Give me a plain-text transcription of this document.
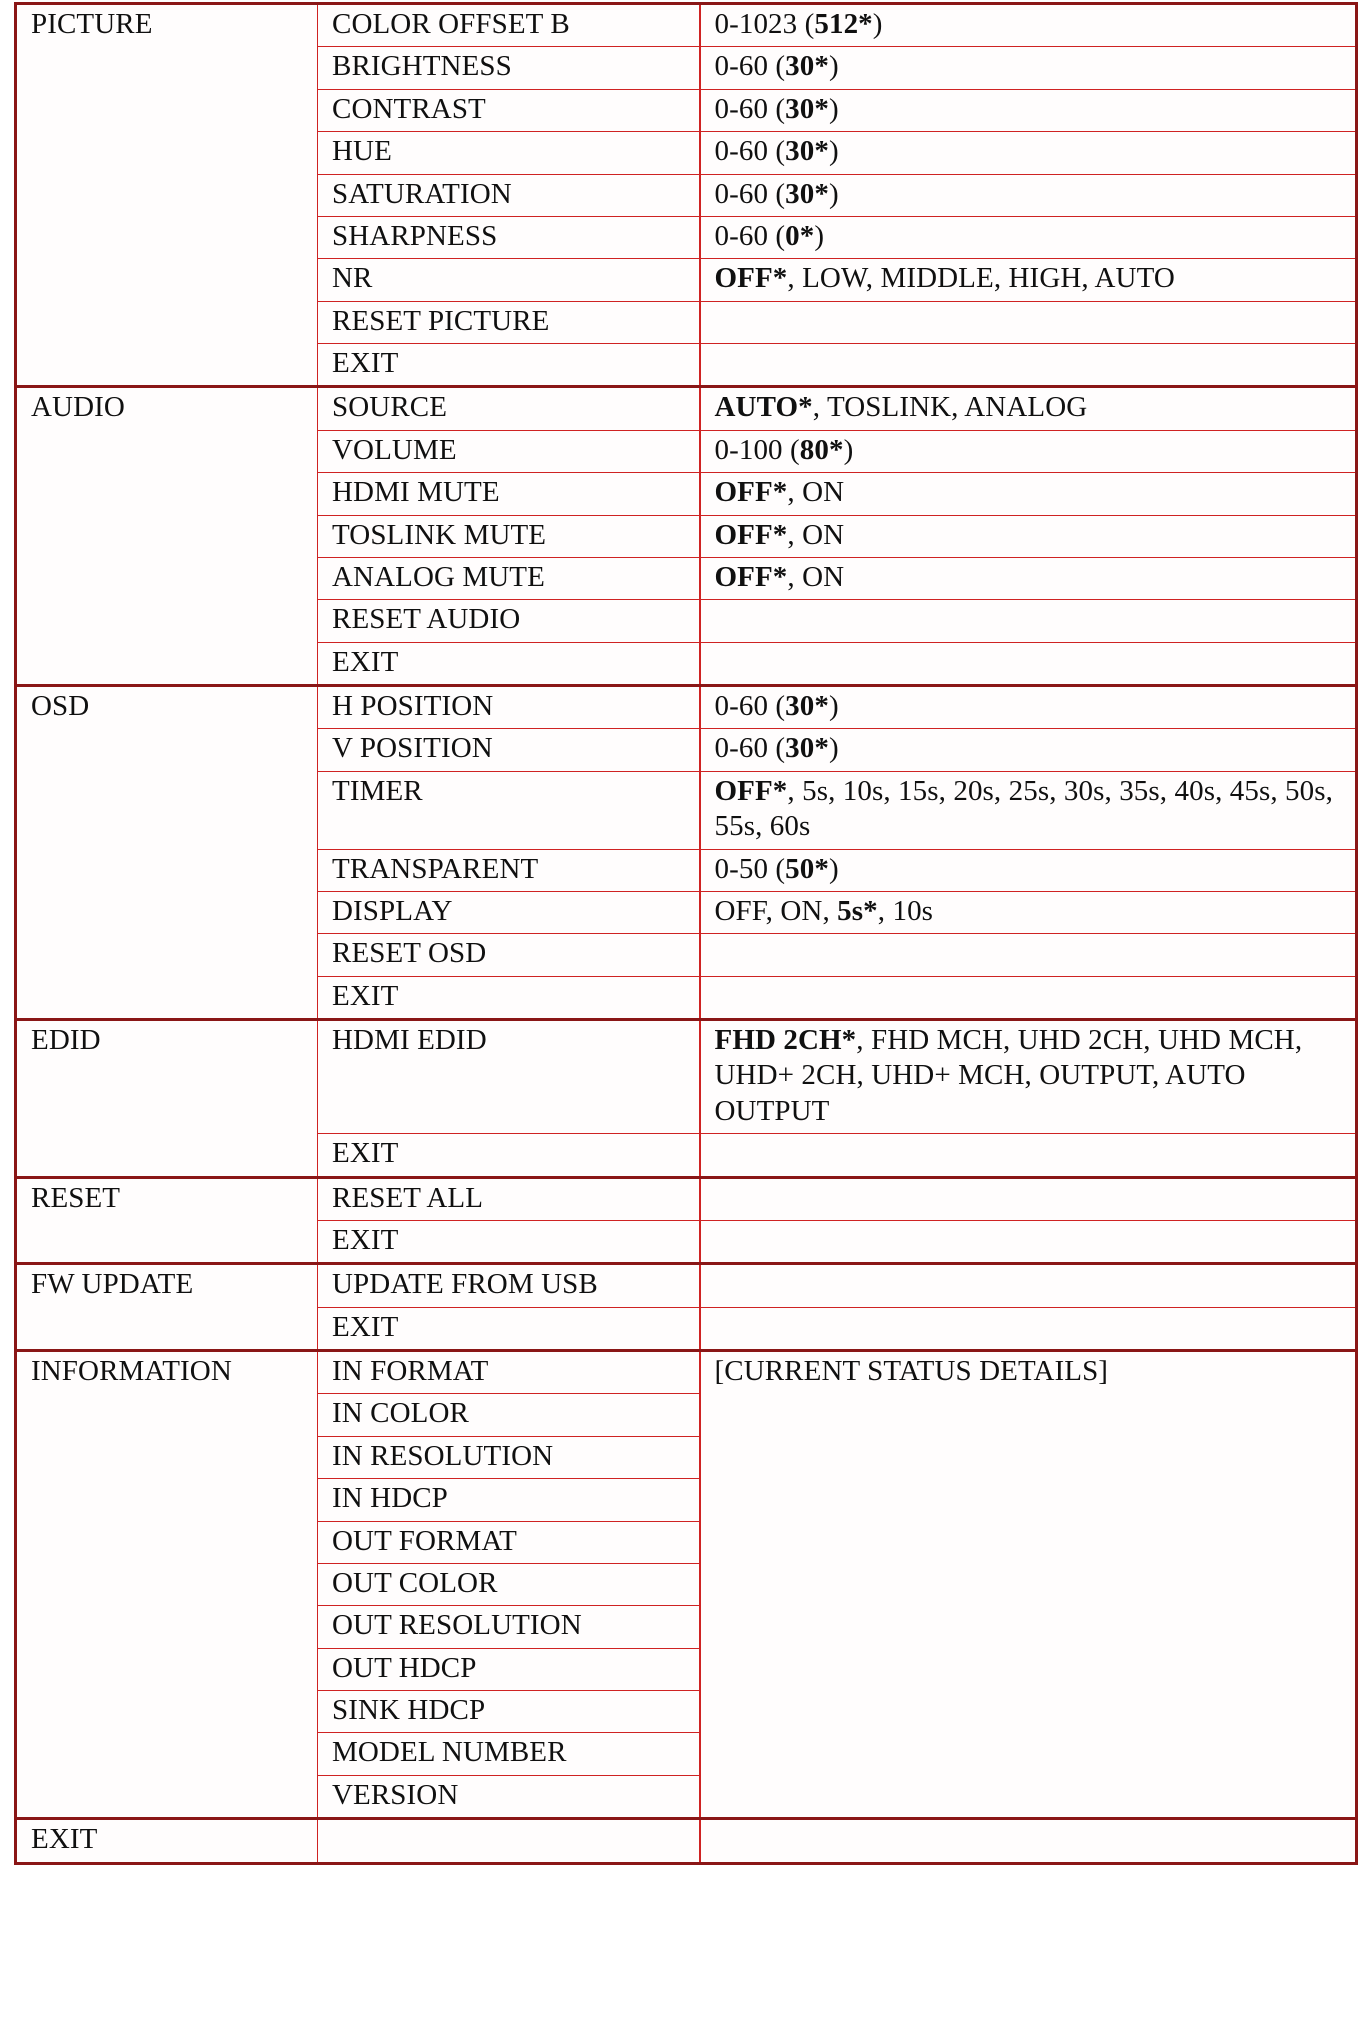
PICTURE	COLOR OFFSET B	0-1023 (512*)
	BRIGHTNESS	0-60 (30*)
	CONTRAST	0-60 (30*)
	HUE	0-60 (30*)
	SATURATION	0-60 (30*)
	SHARPNESS	0-60 (0*)
	NR	OFF*, LOW, MIDDLE, HIGH, AUTO
	RESET PICTURE	
	EXIT	
AUDIO	SOURCE	AUTO*, TOSLINK, ANALOG
	VOLUME	0-100 (80*)
	HDMI MUTE	OFF*, ON
	TOSLINK MUTE	OFF*, ON
	ANALOG MUTE	OFF*, ON
	RESET AUDIO	
	EXIT	
OSD	H POSITION	0-60 (30*)
	V POSITION	0-60 (30*)
	TIMER	OFF*, 5s, 10s, 15s, 20s, 25s, 30s, 35s, 40s, 45s, 50s, 55s, 60s
	TRANSPARENT	0-50 (50*)
	DISPLAY	OFF, ON, 5s*, 10s
	RESET OSD	
	EXIT	
EDID	HDMI EDID	FHD 2CH*, FHD MCH, UHD 2CH, UHD MCH, UHD+ 2CH, UHD+ MCH, OUTPUT, AUTO OUTPUT
	EXIT	
RESET	RESET ALL	
	EXIT	
FW UPDATE	UPDATE FROM USB	
	EXIT	
INFORMATION	IN FORMAT	[CURRENT STATUS DETAILS]
	IN COLOR	
	IN RESOLUTION	
	IN HDCP	
	OUT FORMAT	
	OUT COLOR	
	OUT RESOLUTION	
	OUT HDCP	
	SINK HDCP	
	MODEL NUMBER	
	VERSION	
EXIT		
